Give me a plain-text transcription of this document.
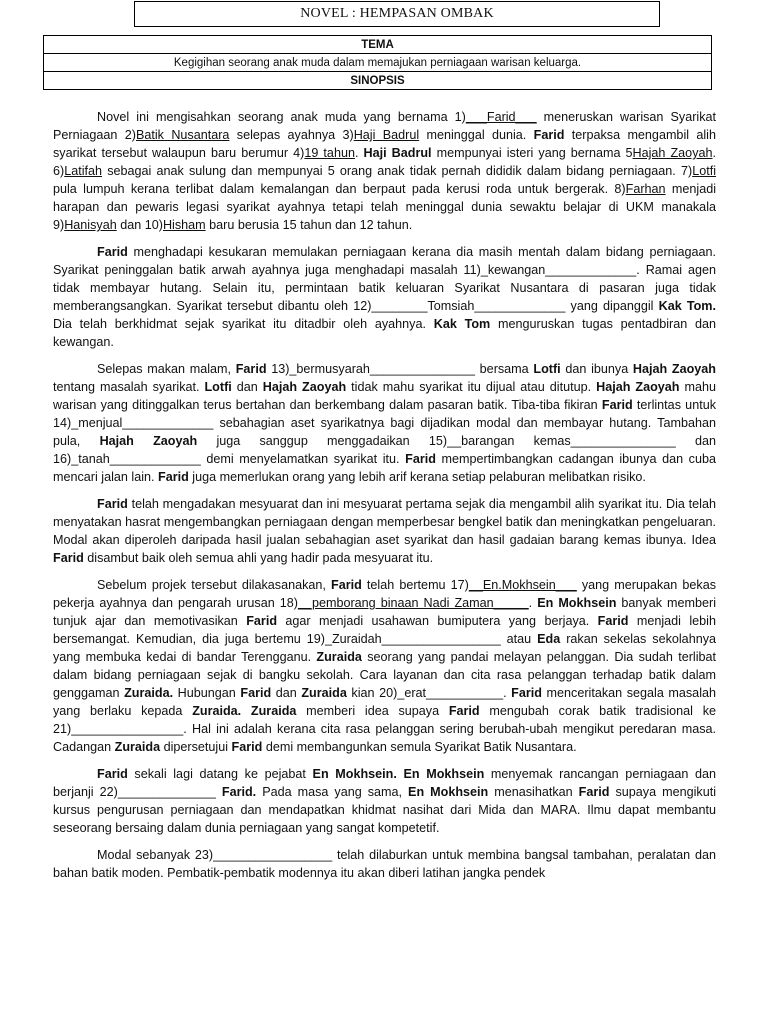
NOVEL : HEMPASAN OMBAK
TEMA
Kegigihan seorang anak muda dalam memajukan perniagaan warisan keluarga.
SINOPSIS

Novel ini mengisahkan seorang anak muda yang bernama 1)___Farid___ meneruskan warisan Syarikat Perniagaan 2)Batik Nusantara selepas ayahnya 3)Haji Badrul meninggal dunia. Farid terpaksa mengambil alih syarikat tersebut walaupun baru berumur 4)19 tahun. Haji Badrul mempunyai isteri yang bernama 5Hajah Zaoyah. 6)Latifah sebagai anak sulung dan mempunyai 5 orang anak tidak pernah dididik dalam bidang perniagaan. 7)Lotfi pula lumpuh kerana terlibat dalam kemalangan dan berpaut pada kerusi roda untuk bergerak. 8)Farhan menjadi harapan dan pewaris legasi syarikat ayahnya tetapi telah meninggal dunia sewaktu belajar di UKM manakala 9)Hanisyah dan 10)Hisham baru berusia 15 tahun dan 12 tahun.

Farid menghadapi kesukaran memulakan perniagaan kerana dia masih mentah dalam bidang perniagaan. Syarikat peninggalan batik arwah ayahnya juga menghadapi masalah 11)_kewangan_____________. Ramai agen tidak membayar hutang. Selain itu, permintaan batik keluaran Syarikat Nusantara di pasaran juga tidak memberangsangkan. Syarikat tersebut dibantu oleh 12)________Tomsiah_____________ yang dipanggil Kak Tom. Dia telah berkhidmat sejak syarikat itu ditadbir oleh ayahnya. Kak Tom menguruskan tugas pentadbiran dan kewangan.

Selepas makan malam, Farid 13)_bermusyarah_______________ bersama Lotfi dan ibunya Hajah Zaoyah tentang masalah syarikat. Lotfi dan Hajah Zaoyah tidak mahu syarikat itu dijual atau ditutup. Hajah Zaoyah mahu warisan yang ditinggalkan terus bertahan dan berkembang dalam pasaran batik. Tiba-tiba fikiran Farid terlintas untuk 14)_menjual_____________ sebahagian aset syarikatnya bagi dijadikan modal dan membayar hutang. Tambahan pula, Hajah Zaoyah juga sanggup menggadaikan 15)__barangan kemas_______________ dan 16)_tanah_____________ demi menyelamatkan syarikat itu. Farid mempertimbangkan cadangan ibunya dan cuba mencari jalan lain. Farid juga memerlukan orang yang lebih arif kerana setiap pelaburan melibatkan risiko.

Farid telah mengadakan mesyuarat dan ini mesyuarat pertama sejak dia mengambil alih syarikat itu. Dia telah menyatakan hasrat mengembangkan perniagaan dengan memperbesar bengkel batik dan meningkatkan pengeluaran. Modal akan diperoleh daripada hasil jualan sebahagian aset syarikat dan hasil gadaian barang kemas ibunya. Idea Farid disambut baik oleh semua ahli yang hadir pada mesyuarat itu.

Sebelum projek tersebut dilakasanakan, Farid telah bertemu 17)__En.Mokhsein___ yang merupakan bekas pekerja ayahnya dan pengarah urusan 18)__pemborang binaan Nadi Zaman_____. En Mokhsein banyak memberi tunjuk ajar dan memotivasikan Farid agar menjadi usahawan bumiputera yang berjaya. Farid menjadi lebih bersemangat. Kemudian, dia juga bertemu 19)_Zuraidah_________________ atau Eda rakan sekelas sekolahnya yang membuka kedai di bandar Terengganu. Zuraida seorang yang pandai melayan pelanggan. Dia sudah terlibat dalam bidang perniagaan sejak di bangku sekolah. Cara layanan dan cita rasa pelanggan terhadap batik dalam genggaman Zuraida. Hubungan Farid dan Zuraida kian 20)_erat___________. Farid menceritakan segala masalah yang berlaku kepada Zuraida. Zuraida memberi idea supaya Farid mengubah corak batik tradisional ke 21)________________. Hal ini adalah kerana cita rasa pelanggan sering berubah-ubah mengikut peredaran masa. Cadangan Zuraida dipersetujui Farid demi membangunkan semula Syarikat Batik Nusantara.

Farid sekali lagi datang ke pejabat En Mokhsein. En Mokhsein menyemak rancangan perniagaan dan berjanji 22)______________ Farid. Pada masa yang sama, En Mokhsein menasihatkan Farid supaya mengikuti kursus pengurusan perniagaan dan mendapatkan khidmat nasihat dari Mida dan MARA. Ilmu dapat membantu seseorang bersaing dalam dunia perniagaan yang sangat kompetetif.

Modal sebanyak 23)_________________ telah dilaburkan untuk membina bangsal tambahan, peralatan dan bahan batik moden. Pembatik-pembatik modennya itu akan diberi latihan jangka pendek
